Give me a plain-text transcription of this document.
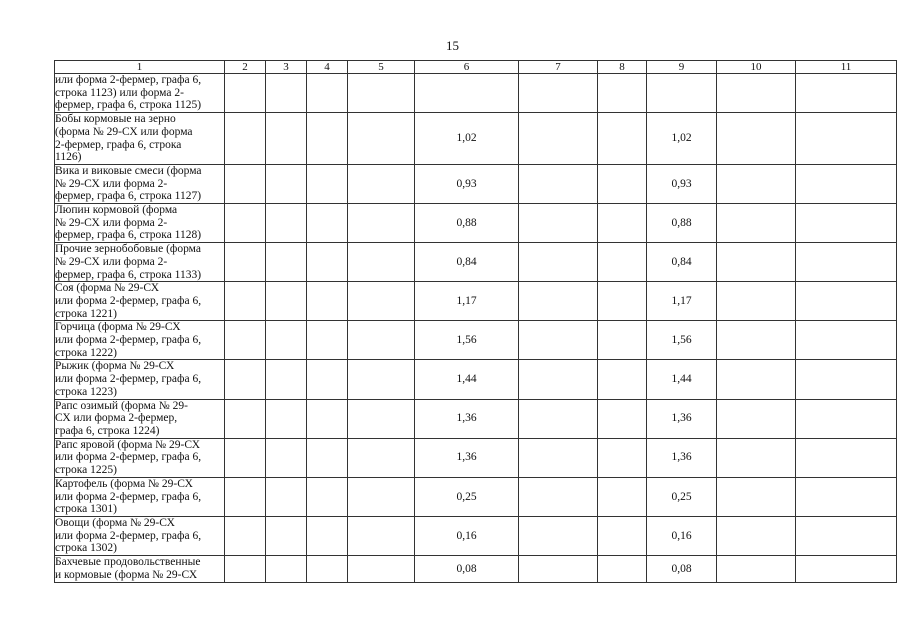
15
1	2	3	4	5	6	7	8	9	10	11
или форма 2-фермер, графа 6,
строка 1123) или форма 2-
фермер, графа 6, строка 1125)										
Бобы кормовые на зерно
(форма № 29-СХ или форма
2-фермер, графа 6, строка
1126)					1,02			1,02		
Вика и виковые смеси (форма
№ 29-СХ или форма 2-
фермер, графа 6, строка 1127)					0,93			0,93		
Люпин кормовой (форма
№ 29-СХ или форма 2-
фермер, графа 6, строка 1128)					0,88			0,88		
Прочие зернобобовые (форма
№ 29-СХ или форма 2-
фермер, графа 6, строка 1133)					0,84			0,84		
Соя (форма № 29-СХ
или форма 2-фермер, графа 6,
строка 1221)					1,17			1,17		
Горчица (форма № 29-СХ
или форма 2-фермер, графа 6,
строка 1222)					1,56			1,56		
Рыжик (форма № 29-СХ
или форма 2-фермер, графа 6,
строка 1223)					1,44			1,44		
Рапс озимый (форма № 29-
СХ или форма 2-фермер,
графа 6, строка 1224)					1,36			1,36		
Рапс яровой (форма № 29-СХ
или форма 2-фермер, графа 6,
строка 1225)					1,36			1,36		
Картофель (форма № 29-СХ
или форма 2-фермер, графа 6,
строка 1301)					0,25			0,25		
Овощи (форма № 29-СХ
или форма 2-фермер, графа 6,
строка 1302)					0,16			0,16		
Бахчевые продовольственные
и кормовые (форма № 29-СХ					0,08			0,08		
